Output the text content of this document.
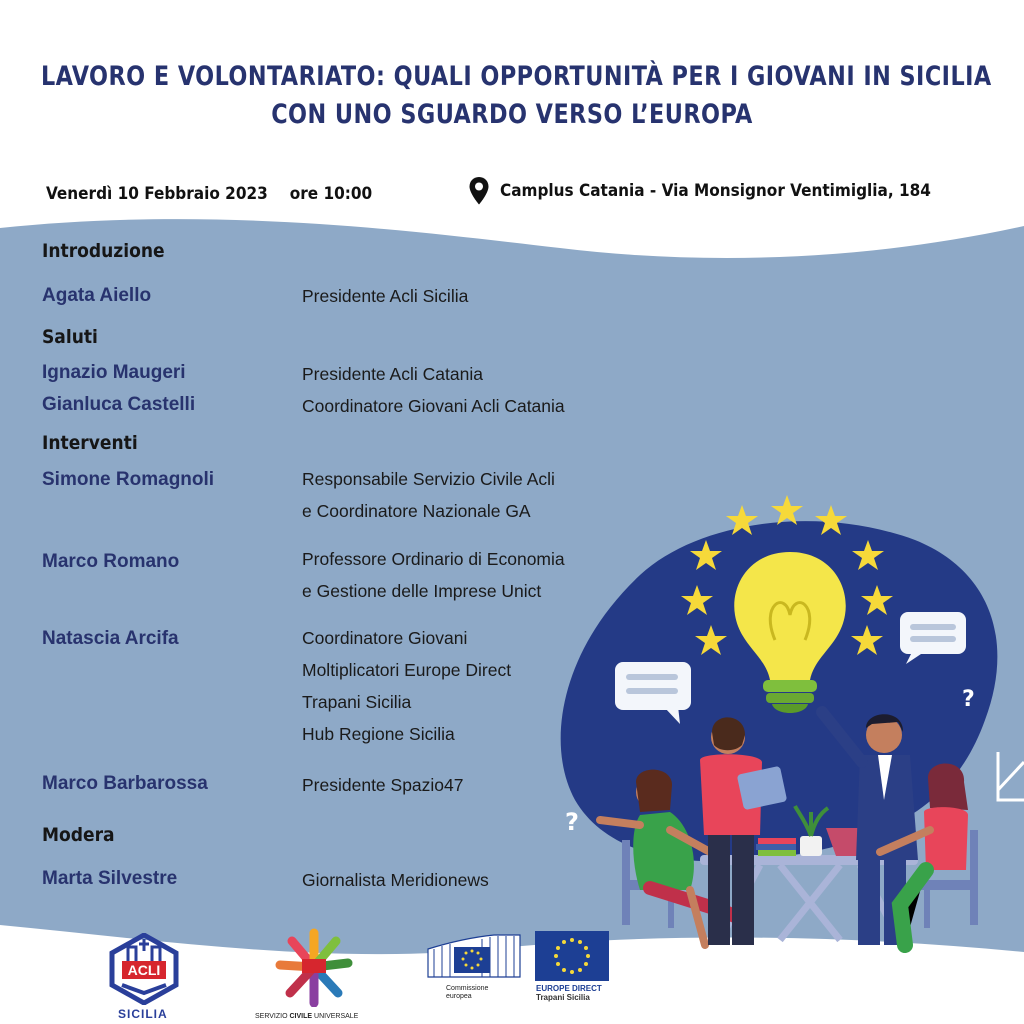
LAVORO E VOLONTARIATO: QUALI OPPORTUNITÀ PER I GIOVANI IN SICILIA
CON UNO SGUARDO VERSO L’EUROPA
Venerdì 10 Febbraio 2023 ore 10:00	Camplus Catania - Via Monsignor Ventimiglia, 184
Introduzione
Agata Aiello	Presidente Acli Sicilia
Saluti
Ignazio Maugeri	Presidente Acli Catania
Gianluca Castelli	Coordinatore Giovani Acli Catania
Interventi
Simone Romagnoli	Responsabile Servizio Civile Acli
e Coordinatore Nazionale GA
Marco Romano	Professore Ordinario di Economia
e Gestione delle Imprese Unict
Natascia Arcifa	Coordinatore Giovani
Moltiplicatori Europe Direct
Trapani Sicilia
Hub Regione Sicilia
Marco Barbarossa	Presidente Spazio47
Modera
Marta Silvestre	Giornalista Meridionews
?
?
ACLI
SICILIA	SERVIZIO CIVILE UNIVERSALE
Commissione
europea
EUROPE DIRECT
Trapani Sicilia
